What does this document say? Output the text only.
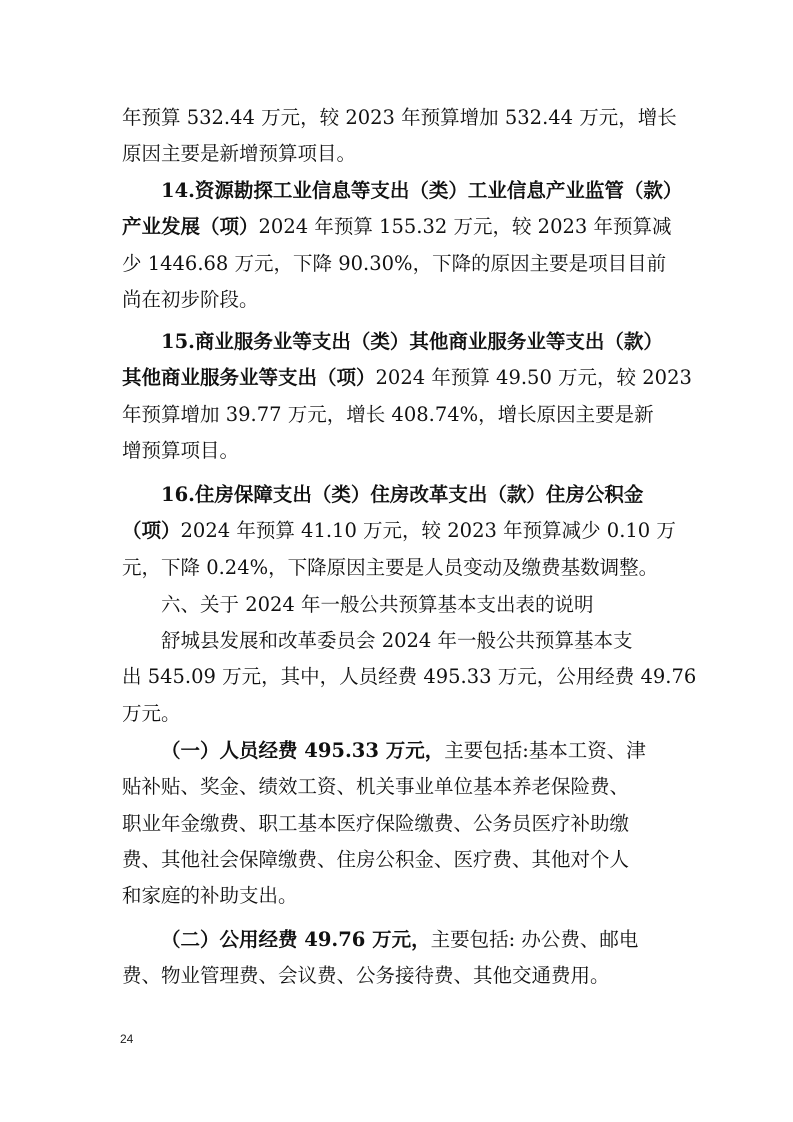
年预算 532.44 万元，较 2023 年预算增加 532.44 万元，增长
原因主要是新增预算项目。
14.资源勘探工业信息等支出（类）工业信息产业监管（款）
产业发展（项）2024 年预算 155.32 万元，较 2023 年预算减
少 1446.68 万元，下降 90.30%，下降的原因主要是项目目前
尚在初步阶段。
15.商业服务业等支出（类）其他商业服务业等支出（款）
其他商业服务业等支出（项）2024 年预算 49.50 万元，较 2023
年预算增加 39.77 万元，增长 408.74%，增长原因主要是新
增预算项目。
16.住房保障支出（类）住房改革支出（款）住房公积金
（项）2024 年预算 41.10 万元，较 2023 年预算减少 0.10 万
元，下降 0.24%，下降原因主要是人员变动及缴费基数调整。
六、关于 2024 年一般公共预算基本支出表的说明
舒城县发展和改革委员会 2024 年一般公共预算基本支
出 545.09 万元，其中，人员经费 495.33 万元，公用经费 49.76
万元。
（一）人员经费 495.33 万元，主要包括:基本工资、津
贴补贴、奖金、绩效工资、机关事业单位基本养老保险费、
职业年金缴费、职工基本医疗保险缴费、公务员医疗补助缴
费、其他社会保障缴费、住房公积金、医疗费、其他对个人
和家庭的补助支出。
（二）公用经费 49.76 万元，主要包括: 办公费、邮电
费、物业管理费、会议费、公务接待费、其他交通费用。
24
